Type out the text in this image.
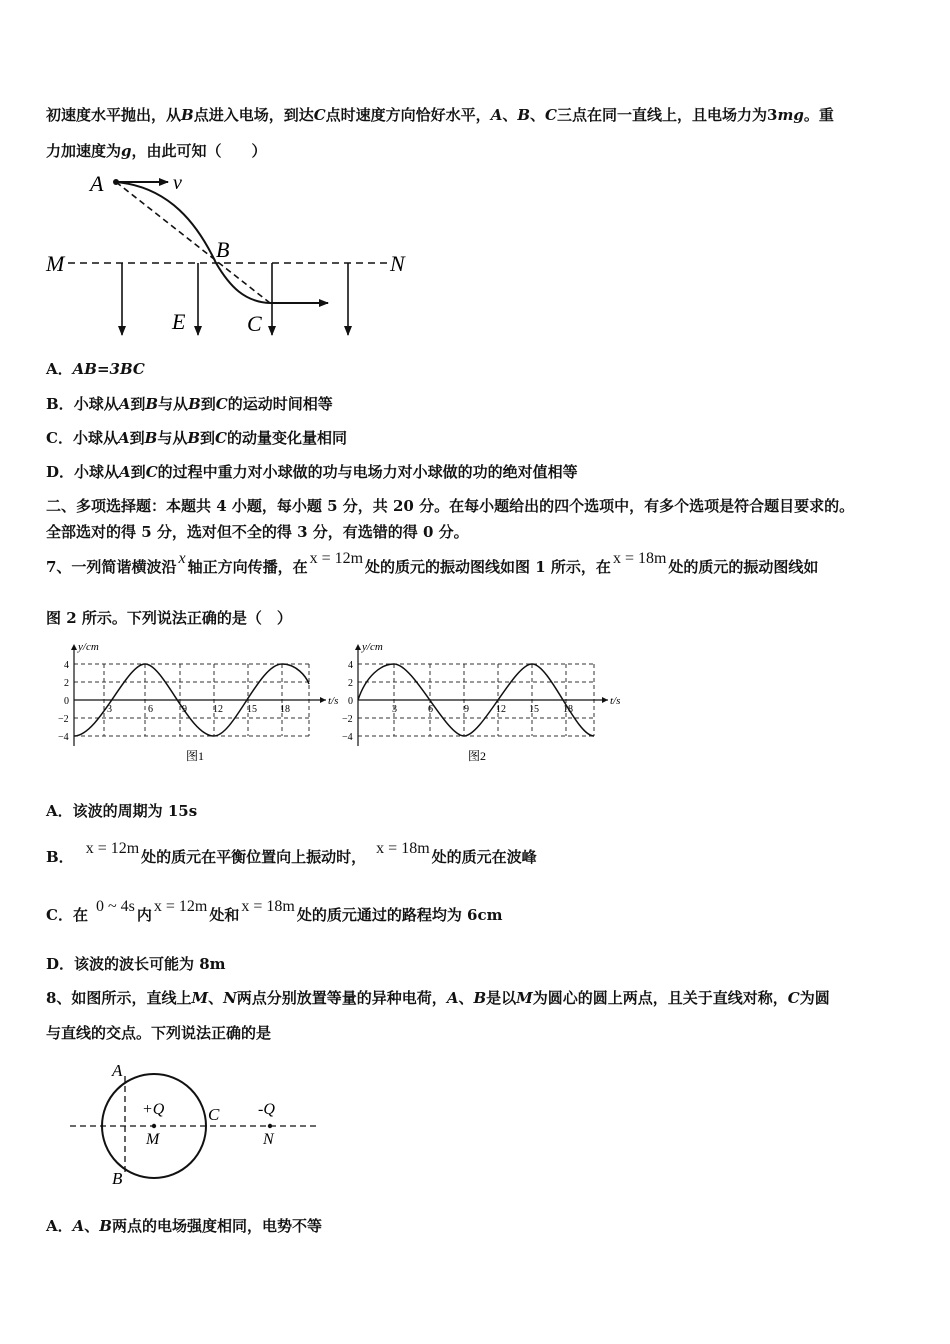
初速度水平抛出，从B点进入电场，到达C点时速度方向恰好水平，A、B、C三点在同一直线上，且电场力为3mg。重
力加速度为g，由此可知（　　）
A	v
M
B
N
E	C
A．AB=3BC
B．小球从A到B与从B到C的运动时间相等
C．小球从A到B与从B到C的动量变化量相同
D．小球从A到C的过程中重力对小球做的功与电场力对小球做的功的绝对值相等
二、多项选择题：本题共 4 小题，每小题 5 分，共 20 分。在每小题给出的四个选项中，有多个选项是符合题目要求的。
全部选对的得 5 分，选对但不全的得 3 分，有选错的得 0 分。
7、一列简谐横波沿 x 轴正方向传播，在 x = 12m 处的质元的振动图线如图 1 所示，在 x = 18m 处的质元的振动图线如
图 2 所示。下列说法正确的是（　）
y/cm
t/s
4
2
0
−2
−4
3	6	9	12 15 18
图1
y/cm
t/s
4
2
0
−2
−4
3	6	9	12 15 18
图2
A．该波的周期为 15s
B． x = 12m 处的质元在平衡位置向上振动时， x = 18m 处的质元在波峰
C．在 0 ~ 4s 内 x = 12m 处和 x = 18m 处的质元通过的路程均为 6cm
D．该波的波长可能为 8m
8、如图所示，直线上M、N两点分别放置等量的异种电荷，A、B是以M为圆心的圆上两点，且关于直线对称，C为圆
与直线的交点。下列说法正确的是
A
B
C
+Q
M
-Q
N
A．A、B两点的电场强度相同，电势不等
